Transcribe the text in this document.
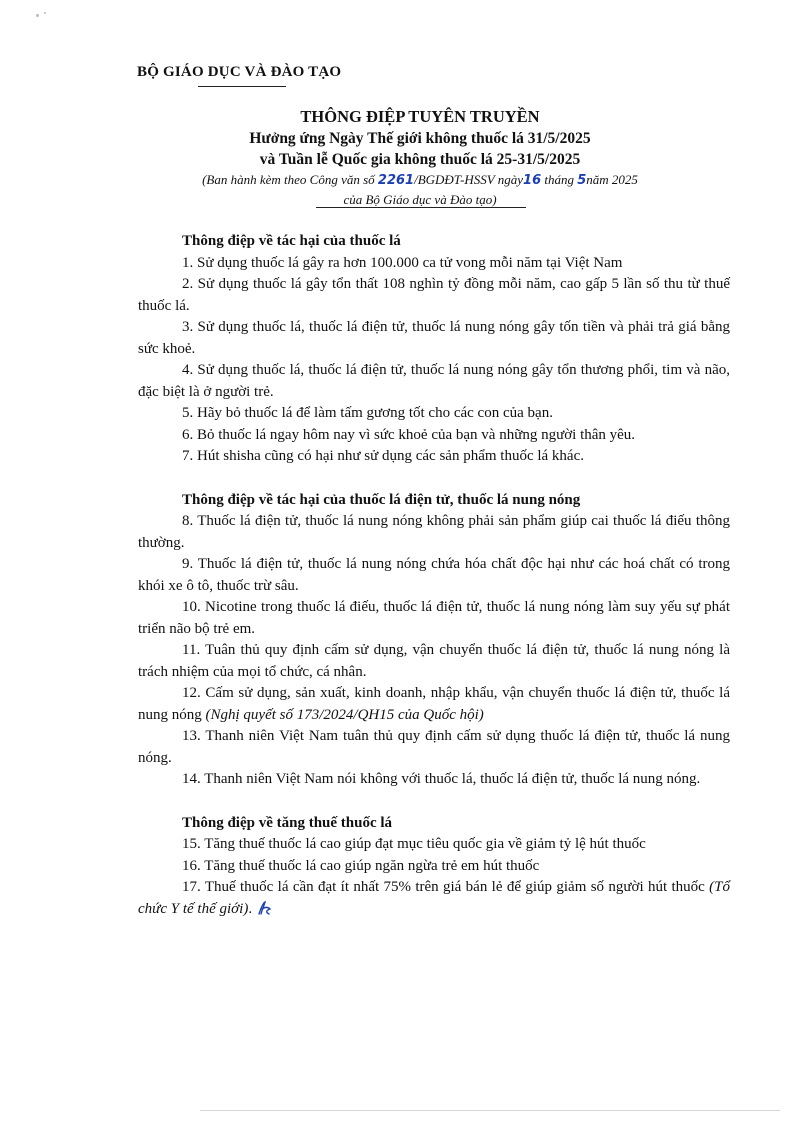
BỘ GIÁO DỤC VÀ ĐÀO TẠO
THÔNG ĐIỆP TUYÊN TRUYỀN
Hưởng ứng Ngày Thế giới không thuốc lá 31/5/2025
và Tuần lễ Quốc gia không thuốc lá 25-31/5/2025
(Ban hành kèm theo Công văn số 2261/BGDĐT-HSSV ngày16 tháng 5năm 2025
của Bộ Giáo dục và Đào tạo)

Thông điệp về tác hại của thuốc lá

1. Sử dụng thuốc lá gây ra hơn 100.000 ca tử vong mỗi năm tại Việt Nam

2. Sử dụng thuốc lá gây tổn thất 108 nghìn tỷ đồng mỗi năm, cao gấp 5 lần số thu từ thuế thuốc lá.

3. Sử dụng thuốc lá, thuốc lá điện tử, thuốc lá nung nóng gây tốn tiền và phải trả giá bằng sức khoẻ.

4. Sử dụng thuốc lá, thuốc lá điện tử, thuốc lá nung nóng gây tổn thương phổi, tim và não, đặc biệt là ở người trẻ.

5. Hãy bỏ thuốc lá để làm tấm gương tốt cho các con của bạn.

6. Bỏ thuốc lá ngay hôm nay vì sức khoẻ của bạn và những người thân yêu.

7. Hút shisha cũng có hại như sử dụng các sản phẩm thuốc lá khác.

Thông điệp về tác hại của thuốc lá điện tử, thuốc lá nung nóng

8. Thuốc lá điện tử, thuốc lá nung nóng không phải sản phẩm giúp cai thuốc lá điếu thông thường.

9. Thuốc lá điện tử, thuốc lá nung nóng chứa hóa chất độc hại như các hoá chất có trong khói xe ô tô, thuốc trừ sâu.

10. Nicotine trong thuốc lá điếu, thuốc lá điện tử, thuốc lá nung nóng làm suy yếu sự phát triển não bộ trẻ em.

11. Tuân thủ quy định cấm sử dụng, vận chuyển thuốc lá điện tử, thuốc lá nung nóng là trách nhiệm của mọi tổ chức, cá nhân.

12. Cấm sử dụng, sản xuất, kinh doanh, nhập khẩu, vận chuyển thuốc lá điện tử, thuốc lá nung nóng (Nghị quyết số 173/2024/QH15 của Quốc hội)

13. Thanh niên Việt Nam tuân thủ quy định cấm sử dụng thuốc lá điện tử, thuốc lá nung nóng.

14. Thanh niên Việt Nam nói không với thuốc lá, thuốc lá điện tử, thuốc lá nung nóng.

Thông điệp về tăng thuế thuốc lá

15. Tăng thuế thuốc lá cao giúp đạt mục tiêu quốc gia về giảm tỷ lệ hút thuốc

16. Tăng thuế thuốc lá cao giúp ngăn ngừa trẻ em hút thuốc

17. Thuế thuốc lá cần đạt ít nhất 75% trên giá bán lẻ để giúp giảm số người hút thuốc (Tổ chức Y tế thế giới).
